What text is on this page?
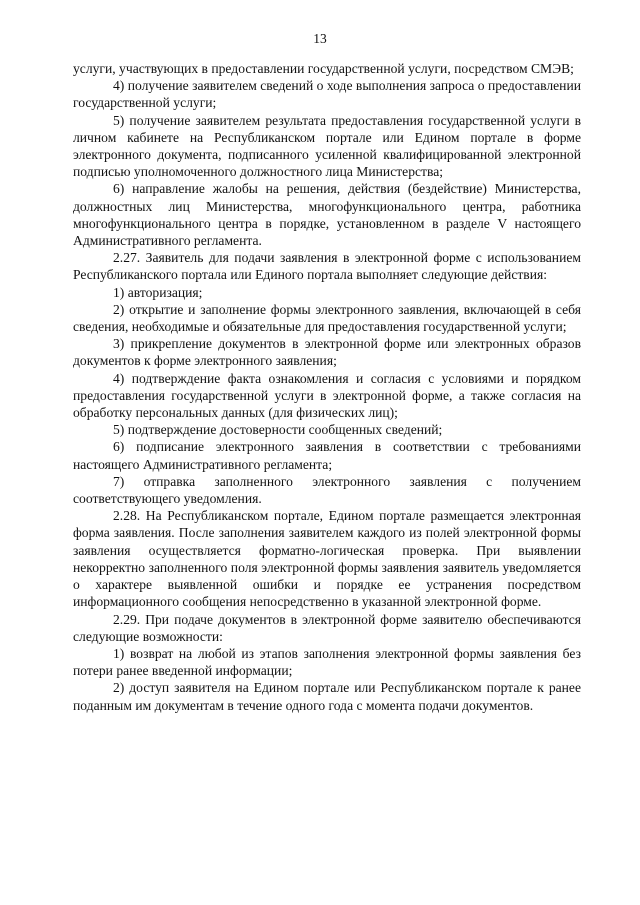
13

услуги, участвующих в предоставлении государственной услуги, посредством СМЭВ;

4) получение заявителем сведений о ходе выполнения запроса о предоставлении государственной услуги;

5) получение заявителем результата предоставления государственной услуги в личном кабинете на Республиканском портале или Едином портале в форме электронного документа, подписанного усиленной квалифицированной электронной подписью уполномоченного должностного лица Министерства;

6) направление жалобы на решения, действия (бездействие) Министерства, должностных лиц Министерства, многофункционального центра, работника многофункционального центра в порядке, установленном в разделе V настоящего Административного регламента.

2.27. Заявитель для подачи заявления в электронной форме с использованием Республиканского портала или Единого портала выполняет следующие действия:

1) авторизация;

2) открытие и заполнение формы электронного заявления, включающей в себя сведения, необходимые и обязательные для предоставления государственной услуги;

3) прикрепление документов в электронной форме или электронных образов документов к форме электронного заявления;

4) подтверждение факта ознакомления и согласия с условиями и порядком предоставления государственной услуги в электронной форме, а также согласия на обработку персональных данных (для физических лиц);

5) подтверждение достоверности сообщенных сведений;

6) подписание электронного заявления в соответствии с требованиями настоящего Административного регламента;

7) отправка заполненного электронного заявления с получением соответствующего уведомления.

2.28. На Республиканском портале, Едином портале размещается электронная форма заявления. После заполнения заявителем каждого из полей электронной формы заявления осуществляется форматно-логическая проверка. При выявлении некорректно заполненного поля электронной формы заявления заявитель уведомляется о характере выявленной ошибки и порядке ее устранения посредством информационного сообщения непосредственно в указанной электронной форме.

2.29. При подаче документов в электронной форме заявителю обеспечиваются следующие возможности:

1) возврат на любой из этапов заполнения электронной формы заявления без потери ранее введенной информации;

2) доступ заявителя на Едином портале или Республиканском портале к ранее поданным им документам в течение одного года с момента подачи документов.
